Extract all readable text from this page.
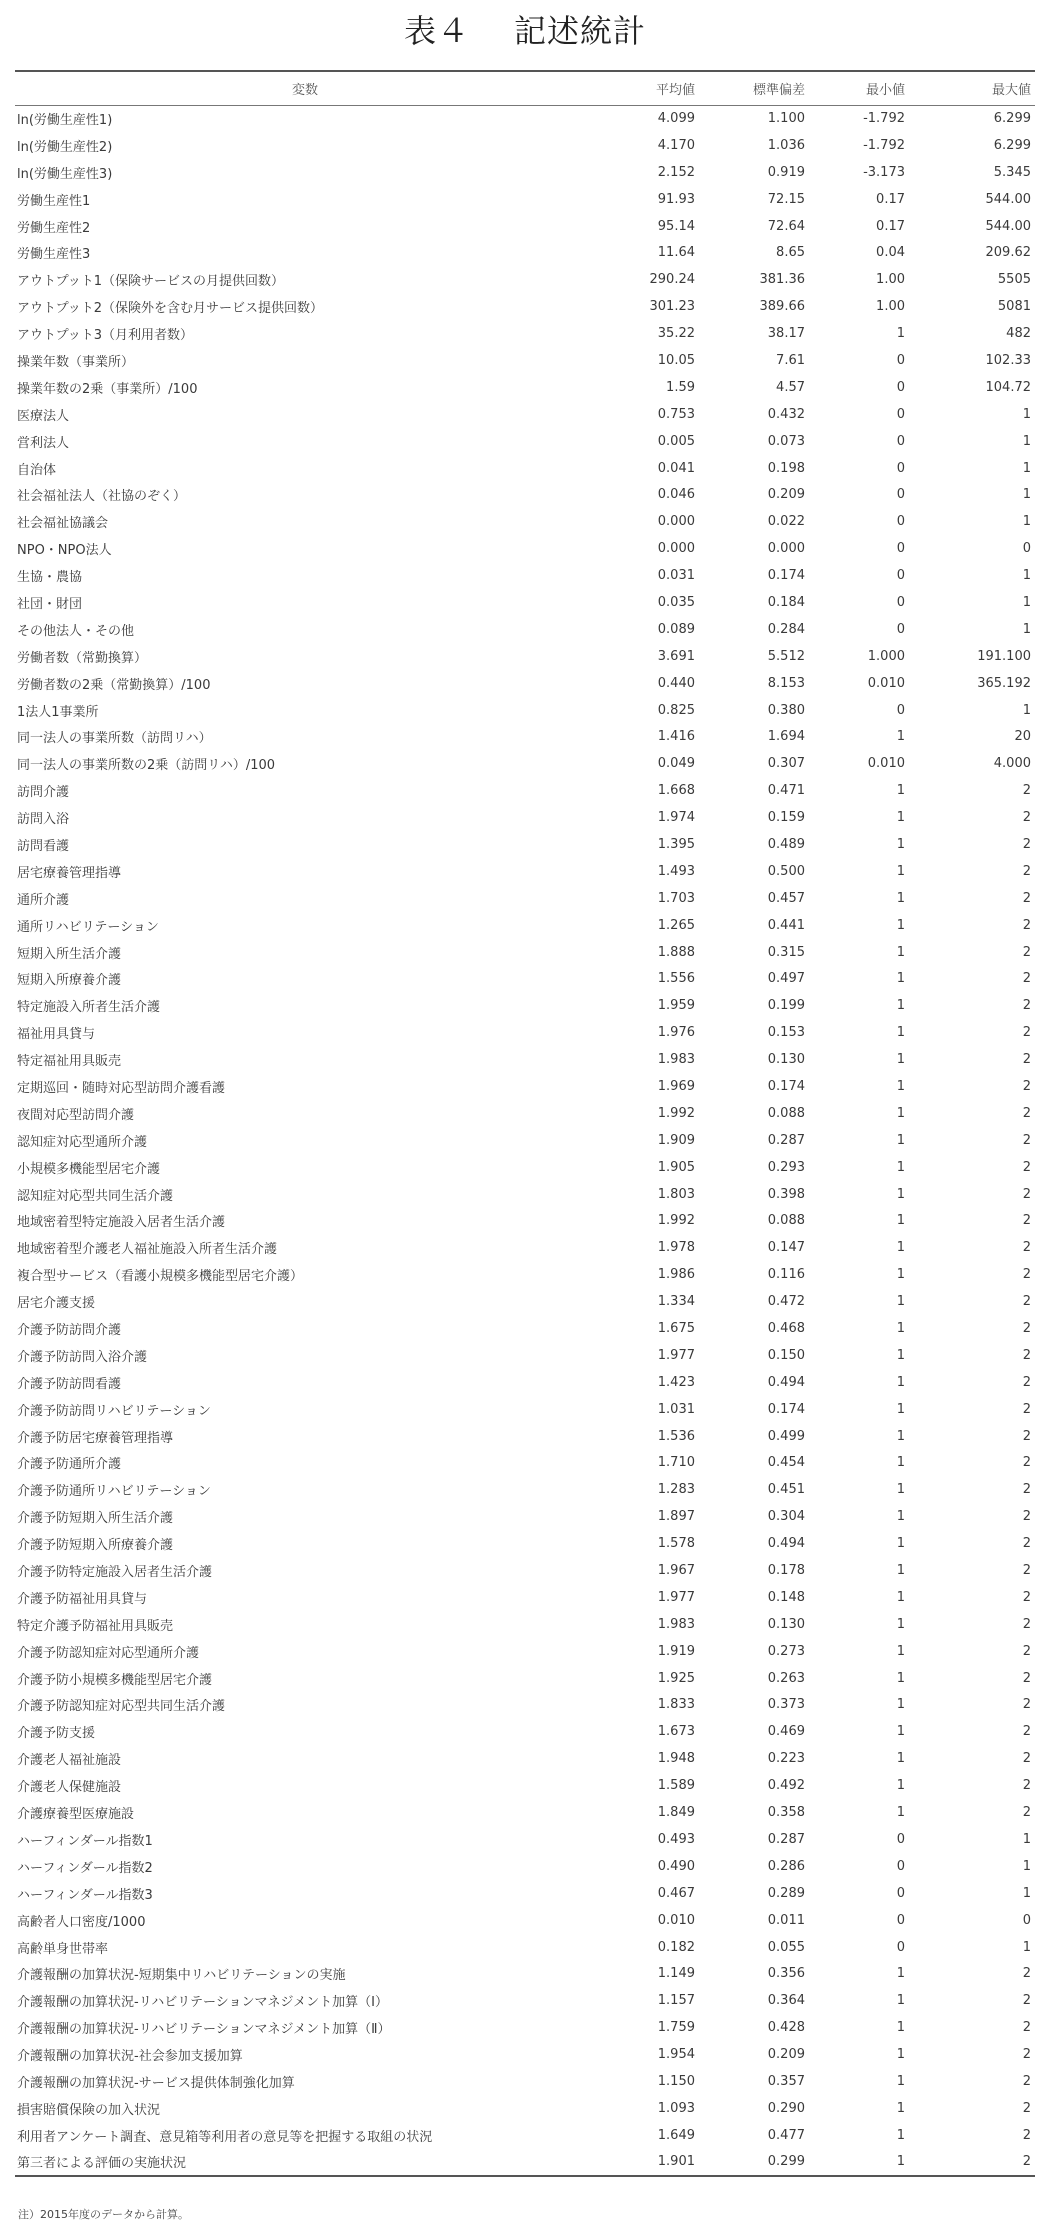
表４ 記述統計
変数	平均値	標準偏差	最小値	最大値
ln(労働生産性1)	4.099	1.100	-1.792	6.299
ln(労働生産性2)	4.170	1.036	-1.792	6.299
ln(労働生産性3)	2.152	0.919	-3.173	5.345
労働生産性1	91.93	72.15	0.17	544.00
労働生産性2	95.14	72.64	0.17	544.00
労働生産性3	11.64	8.65	0.04	209.62
アウトプット1（保険サービスの月提供回数）	290.24	381.36	1.00	5505
アウトプット2（保険外を含む月サービス提供回数）	301.23	389.66	1.00	5081
アウトプット3（月利用者数）	35.22	38.17	1	482
操業年数（事業所）	10.05	7.61	0	102.33
操業年数の2乗（事業所）/100	1.59	4.57	0	104.72
医療法人	0.753	0.432	0	1
営利法人	0.005	0.073	0	1
自治体	0.041	0.198	0	1
社会福祉法人（社協のぞく）	0.046	0.209	0	1
社会福祉協議会	0.000	0.022	0	1
NPO・NPO法人	0.000	0.000	0	0
生協・農協	0.031	0.174	0	1
社団・財団	0.035	0.184	0	1
その他法人・その他	0.089	0.284	0	1
労働者数（常勤換算）	3.691	5.512	1.000	191.100
労働者数の2乗（常勤換算）/100	0.440	8.153	0.010	365.192
1法人1事業所	0.825	0.380	0	1
同一法人の事業所数（訪問リハ）	1.416	1.694	1	20
同一法人の事業所数の2乗（訪問リハ）/100	0.049	0.307	0.010	4.000
訪問介護	1.668	0.471	1	2
訪問入浴	1.974	0.159	1	2
訪問看護	1.395	0.489	1	2
居宅療養管理指導	1.493	0.500	1	2
通所介護	1.703	0.457	1	2
通所リハビリテーション	1.265	0.441	1	2
短期入所生活介護	1.888	0.315	1	2
短期入所療養介護	1.556	0.497	1	2
特定施設入所者生活介護	1.959	0.199	1	2
福祉用具貸与	1.976	0.153	1	2
特定福祉用具販売	1.983	0.130	1	2
定期巡回・随時対応型訪問介護看護	1.969	0.174	1	2
夜間対応型訪問介護	1.992	0.088	1	2
認知症対応型通所介護	1.909	0.287	1	2
小規模多機能型居宅介護	1.905	0.293	1	2
認知症対応型共同生活介護	1.803	0.398	1	2
地域密着型特定施設入居者生活介護	1.992	0.088	1	2
地域密着型介護老人福祉施設入所者生活介護	1.978	0.147	1	2
複合型サービス（看護小規模多機能型居宅介護）	1.986	0.116	1	2
居宅介護支援	1.334	0.472	1	2
介護予防訪問介護	1.675	0.468	1	2
介護予防訪問入浴介護	1.977	0.150	1	2
介護予防訪問看護	1.423	0.494	1	2
介護予防訪問リハビリテーション	1.031	0.174	1	2
介護予防居宅療養管理指導	1.536	0.499	1	2
介護予防通所介護	1.710	0.454	1	2
介護予防通所リハビリテーション	1.283	0.451	1	2
介護予防短期入所生活介護	1.897	0.304	1	2
介護予防短期入所療養介護	1.578	0.494	1	2
介護予防特定施設入居者生活介護	1.967	0.178	1	2
介護予防福祉用具貸与	1.977	0.148	1	2
特定介護予防福祉用具販売	1.983	0.130	1	2
介護予防認知症対応型通所介護	1.919	0.273	1	2
介護予防小規模多機能型居宅介護	1.925	0.263	1	2
介護予防認知症対応型共同生活介護	1.833	0.373	1	2
介護予防支援	1.673	0.469	1	2
介護老人福祉施設	1.948	0.223	1	2
介護老人保健施設	1.589	0.492	1	2
介護療養型医療施設	1.849	0.358	1	2
ハーフィンダール指数1	0.493	0.287	0	1
ハーフィンダール指数2	0.490	0.286	0	1
ハーフィンダール指数3	0.467	0.289	0	1
高齢者人口密度/1000	0.010	0.011	0	0
高齢単身世帯率	0.182	0.055	0	1
介護報酬の加算状況-短期集中リハビリテーションの実施	1.149	0.356	1	2
介護報酬の加算状況-リハビリテーションマネジメント加算（Ⅰ）	1.157	0.364	1	2
介護報酬の加算状況-リハビリテーションマネジメント加算（Ⅱ）	1.759	0.428	1	2
介護報酬の加算状況-社会参加支援加算	1.954	0.209	1	2
介護報酬の加算状況-サービス提供体制強化加算	1.150	0.357	1	2
損害賠償保険の加入状況	1.093	0.290	1	2
利用者アンケート調査、意見箱等利用者の意見等を把握する取組の状況	1.649	0.477	1	2
第三者による評価の実施状況	1.901	0.299	1	2
注）2015年度のデータから計算。
